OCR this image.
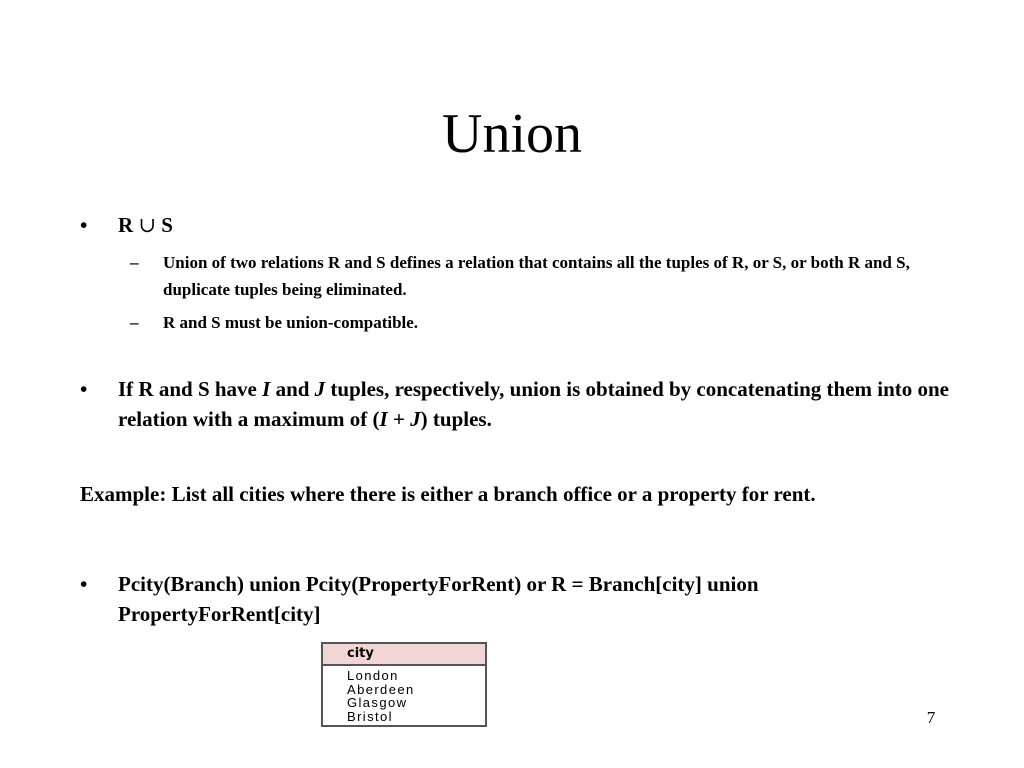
Union
• R ∪ S
– Union of two relations R and S defines a relation that contains all the tuples of R, or S, or both R and S, duplicate tuples being eliminated.
– R and S must be union-compatible.
• If R and S have I and J tuples, respectively, union is obtained by concatenating them into one relation with a maximum of (I + J) tuples.
Example: List all cities where there is either a branch office or a property for rent.
• Pcity(Branch) union Pcity(PropertyForRent) or R = Branch[city] union PropertyForRent[city]
city
London
Aberdeen
Glasgow
Bristol	7
